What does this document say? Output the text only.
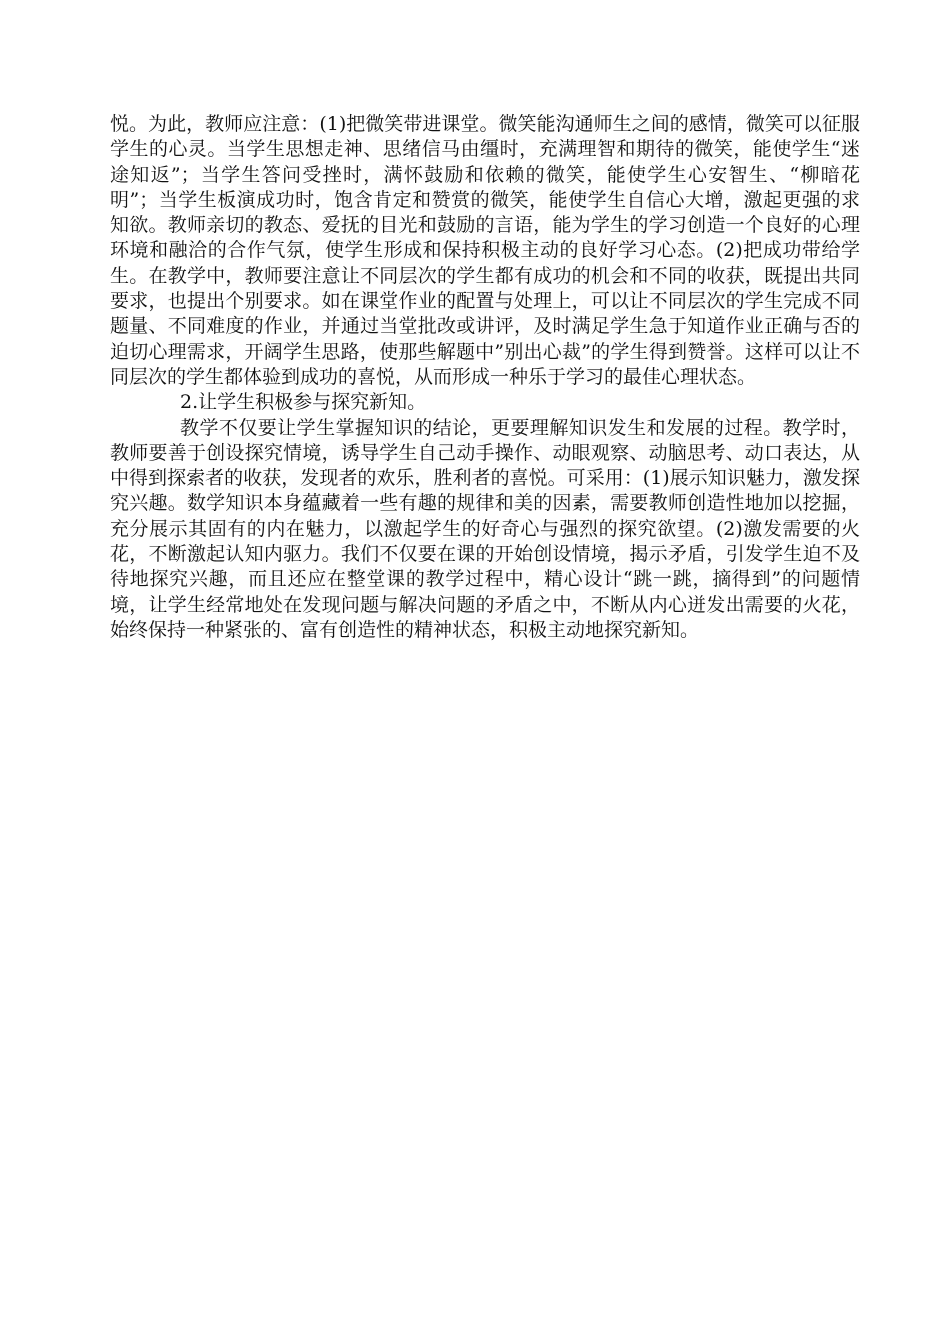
悦。为此，教师应注意：(1)把微笑带进课堂。微笑能沟通师生之间的感情，微笑可以征服学生的心灵。当学生思想走神、思绪信马由缰时，充满理智和期待的微笑，能使学生“迷途知返”；当学生答问受挫时，满怀鼓励和依赖的微笑，能使学生心安智生、“柳暗花明”；当学生板演成功时，饱含肯定和赞赏的微笑，能使学生自信心大增，激起更强的求知欲。教师亲切的教态、爱抚的目光和鼓励的言语，能为学生的学习创造一个良好的心理环境和融洽的合作气氛，使学生形成和保持积极主动的良好学习心态。(2)把成功带给学生。在教学中，教师要注意让不同层次的学生都有成功的机会和不同的收获，既提出共同要求，也提出个别要求。如在课堂作业的配置与处理上，可以让不同层次的学生完成不同题量、不同难度的作业，并通过当堂批改或讲评，及时满足学生急于知道作业正确与否的迫切心理需求，开阔学生思路，使那些解题中”别出心裁”的学生得到赞誉。这样可以让不同层次的学生都体验到成功的喜悦，从而形成一种乐于学习的最佳心理状态。

2.让学生积极参与探究新知。

教学不仅要让学生掌握知识的结论，更要理解知识发生和发展的过程。教学时，教师要善于创设探究情境，诱导学生自己动手操作、动眼观察、动脑思考、动口表达，从中得到探索者的收获，发现者的欢乐，胜利者的喜悦。可采用：(1)展示知识魅力，激发探究兴趣。数学知识本身蕴藏着一些有趣的规律和美的因素，需要教师创造性地加以挖掘，充分展示其固有的内在魅力，以激起学生的好奇心与强烈的探究欲望。(2)激发需要的火花，不断激起认知内驱力。我们不仅要在课的开始创设情境，揭示矛盾，引发学生迫不及待地探究兴趣，而且还应在整堂课的教学过程中，精心设计“跳一跳，摘得到”的问题情境，让学生经常地处在发现问题与解决问题的矛盾之中，不断从内心迸发出需要的火花，始终保持一种紧张的、富有创造性的精神状态，积极主动地探究新知。
